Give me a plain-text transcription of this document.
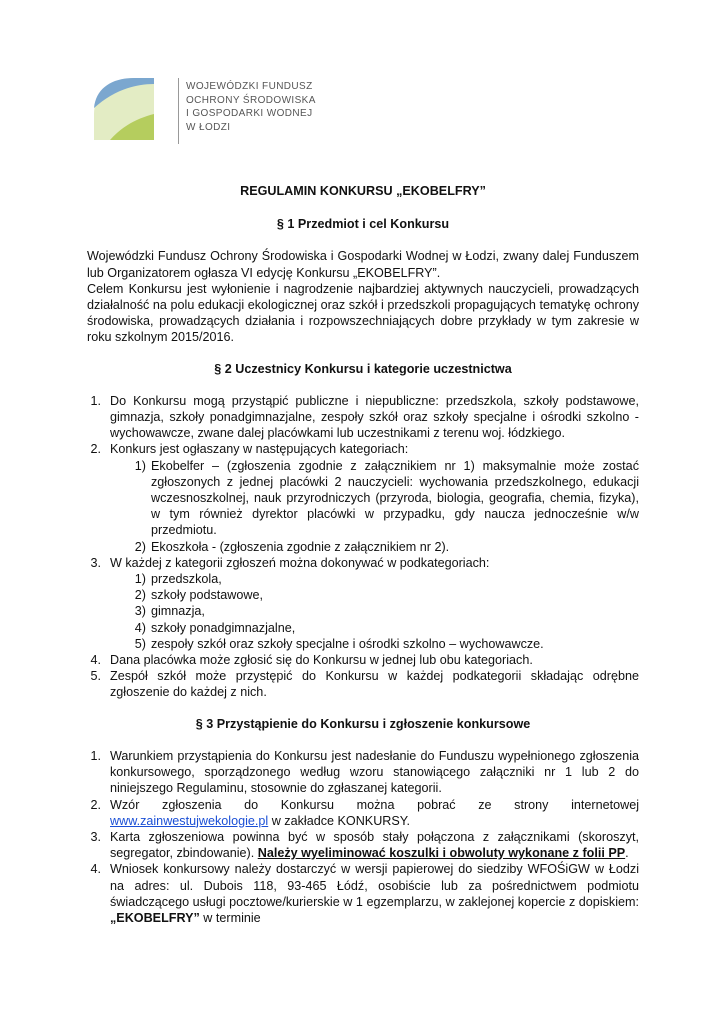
WOJEWÓDZKI FUNDUSZ
OCHRONY ŚRODOWISKA
I GOSPODARKI WODNEJ
W ŁODZI
REGULAMIN KONKURSU „EKOBELFRY”
§ 1 Przedmiot i cel Konkursu

Wojewódzki Fundusz Ochrony Środowiska i Gospodarki Wodnej w Łodzi, zwany dalej Funduszem lub Organizatorem ogłasza VI edycję Konkursu „EKOBELFRY”.

Celem Konkursu jest wyłonienie i nagrodzenie najbardziej aktywnych nauczycieli, prowadzących działalność na polu edukacji ekologicznej oraz szkół i przedszkoli propagujących tematykę ochrony środowiska, prowadzących działania i rozpowszechniających dobre przykłady w tym zakresie w roku szkolnym 2015/2016.

§ 2 Uczestnicy Konkursu i kategorie uczestnictwa
1. Do Konkursu mogą przystąpić publiczne i niepubliczne: przedszkola, szkoły podstawowe, gimnazja, szkoły ponadgimnazjalne, zespoły szkół oraz szkoły specjalne i ośrodki szkolno - wychowawcze, zwane dalej placówkami lub uczestnikami z terenu woj. łódzkiego.
2. Konkurs jest ogłaszany w następujących kategoriach:
1) Ekobelfer – (zgłoszenia zgodnie z załącznikiem nr 1) maksymalnie może zostać zgłoszonych z jednej placówki 2 nauczycieli: wychowania przedszkolnego, edukacji wczesnoszkolnej, nauk przyrodniczych (przyroda, biologia, geografia, chemia, fizyka), w tym również dyrektor placówki w przypadku, gdy naucza jednocześnie w/w przedmiotu.
2) Ekoszkoła - (zgłoszenia zgodnie z załącznikiem nr 2).
3. W każdej z kategorii zgłoszeń można dokonywać w podkategoriach:
1) przedszkola,
2) szkoły podstawowe,
3) gimnazja,
4) szkoły ponadgimnazjalne,
5) zespoły szkół oraz szkoły specjalne i ośrodki szkolno – wychowawcze.
4. Dana placówka może zgłosić się do Konkursu w jednej lub obu kategoriach.
5. Zespół szkół może przystępić do Konkursu w każdej podkategorii składając odrębne zgłoszenie do każdej z nich.
§ 3 Przystąpienie do Konkursu i zgłoszenie konkursowe
1. Warunkiem przystąpienia do Konkursu jest nadesłanie do Funduszu wypełnionego zgłoszenia konkursowego, sporządzonego według wzoru stanowiącego załączniki nr 1 lub 2 do niniejszego Regulaminu, stosownie do zgłaszanej kategorii.
2. Wzór zgłoszenia do Konkursu można pobrać ze strony internetowej www.zainwestujwekologie.pl w zakładce KONKURSY.
3. Karta zgłoszeniowa powinna być w sposób stały połączona z załącznikami (skoroszyt, segregator, zbindowanie). Należy wyeliminować koszulki i obwoluty wykonane z folii PP.
4. Wniosek konkursowy należy dostarczyć w wersji papierowej do siedziby WFOŚiGW w Łodzi na adres: ul. Dubois 118, 93-465 Łódź, osobiście lub za pośrednictwem podmiotu świadczącego usługi pocztowe/kurierskie w 1 egzemplarzu, w zaklejonej kopercie z dopiskiem: „EKOBELFRY” w terminie
